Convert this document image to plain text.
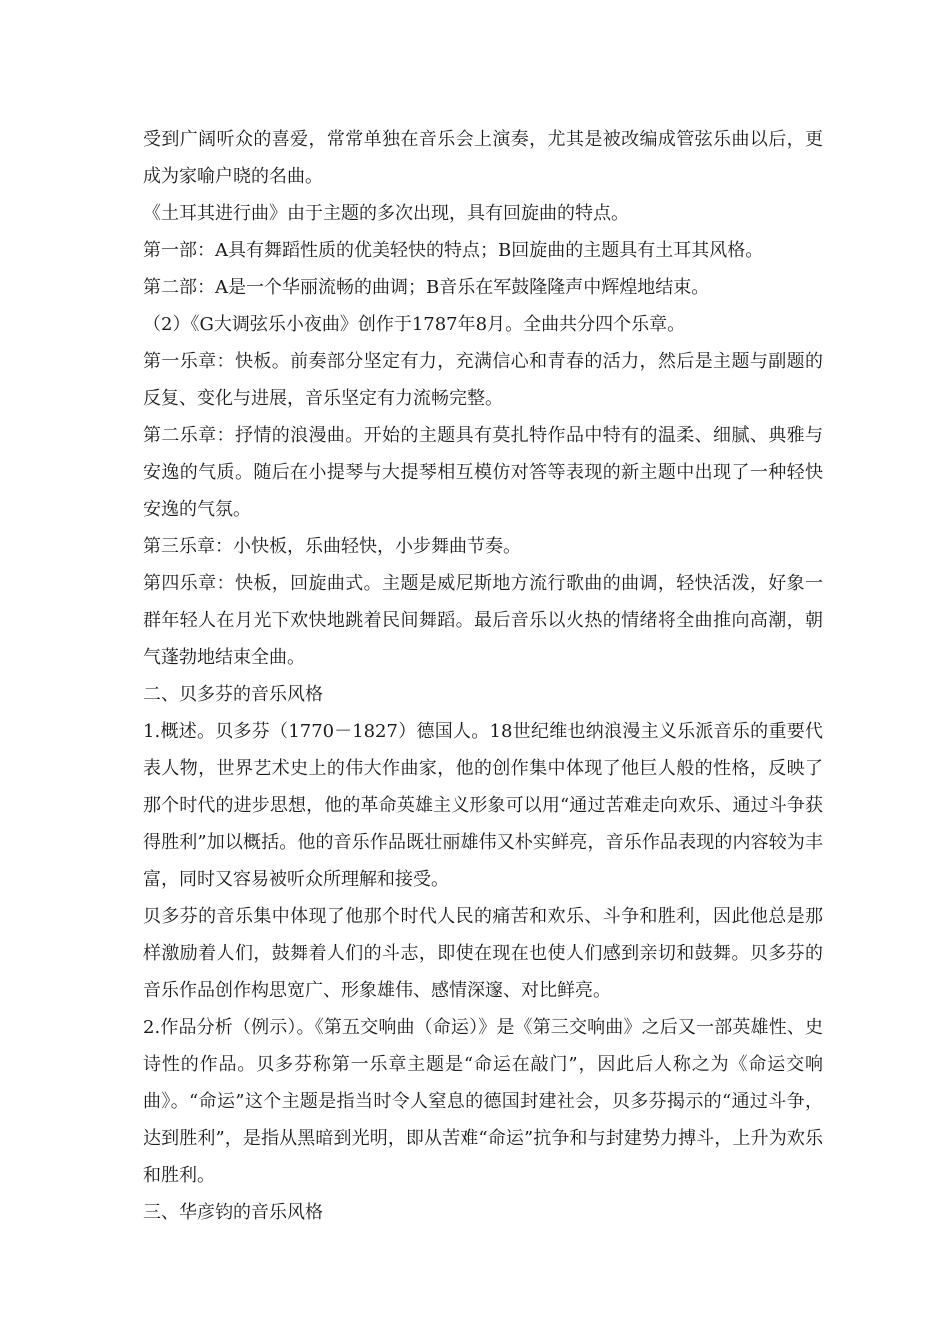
受到广阔听众的喜爱，常常单独在音乐会上演奏，尤其是被改编成管弦乐曲以后，更成为家喻户晓的名曲。

《土耳其进行曲》由于主题的多次出现，具有回旋曲的特点。

第一部：A具有舞蹈性质的优美轻快的特点；B回旋曲的主题具有土耳其风格。

第二部：A是一个华丽流畅的曲调；B音乐在军鼓隆隆声中辉煌地结束。

（2）《G大调弦乐小夜曲》创作于1787年8月。全曲共分四个乐章。

第一乐章：快板。前奏部分坚定有力，充满信心和青春的活力，然后是主题与副题的反复、变化与进展，音乐坚定有力流畅完整。

第二乐章：抒情的浪漫曲。开始的主题具有莫扎特作品中特有的温柔、细腻、典雅与安逸的气质。随后在小提琴与大提琴相互模仿对答等表现的新主题中出现了一种轻快安逸的气氛。

第三乐章：小快板，乐曲轻快，小步舞曲节奏。

第四乐章：快板，回旋曲式。主题是威尼斯地方流行歌曲的曲调，轻快活泼，好象一群年轻人在月光下欢快地跳着民间舞蹈。最后音乐以火热的情绪将全曲推向高潮，朝气蓬勃地结束全曲。

二、贝多芬的音乐风格

1.概述。贝多芬（1770－1827）德国人。18世纪维也纳浪漫主义乐派音乐的重要代表人物，世界艺术史上的伟大作曲家，他的创作集中体现了他巨人般的性格，反映了那个时代的进步思想，他的革命英雄主义形象可以用“通过苦难走向欢乐、通过斗争获得胜利”加以概括。他的音乐作品既壮丽雄伟又朴实鲜亮，音乐作品表现的内容较为丰富，同时又容易被听众所理解和接受。

贝多芬的音乐集中体现了他那个时代人民的痛苦和欢乐、斗争和胜利，因此他总是那样激励着人们，鼓舞着人们的斗志，即使在现在也使人们感到亲切和鼓舞。贝多芬的音乐作品创作构思宽广、形象雄伟、感情深邃、对比鲜亮。

2.作品分析（例示）。《第五交响曲（命运）》是《第三交响曲》之后又一部英雄性、史诗性的作品。贝多芬称第一乐章主题是“命运在敲门”，因此后人称之为《命运交响曲》。“命运”这个主题是指当时令人窒息的德国封建社会，贝多芬揭示的“通过斗争，达到胜利”，是指从黑暗到光明，即从苦难“命运”抗争和与封建势力搏斗，上升为欢乐和胜利。

三、华彦钧的音乐风格
